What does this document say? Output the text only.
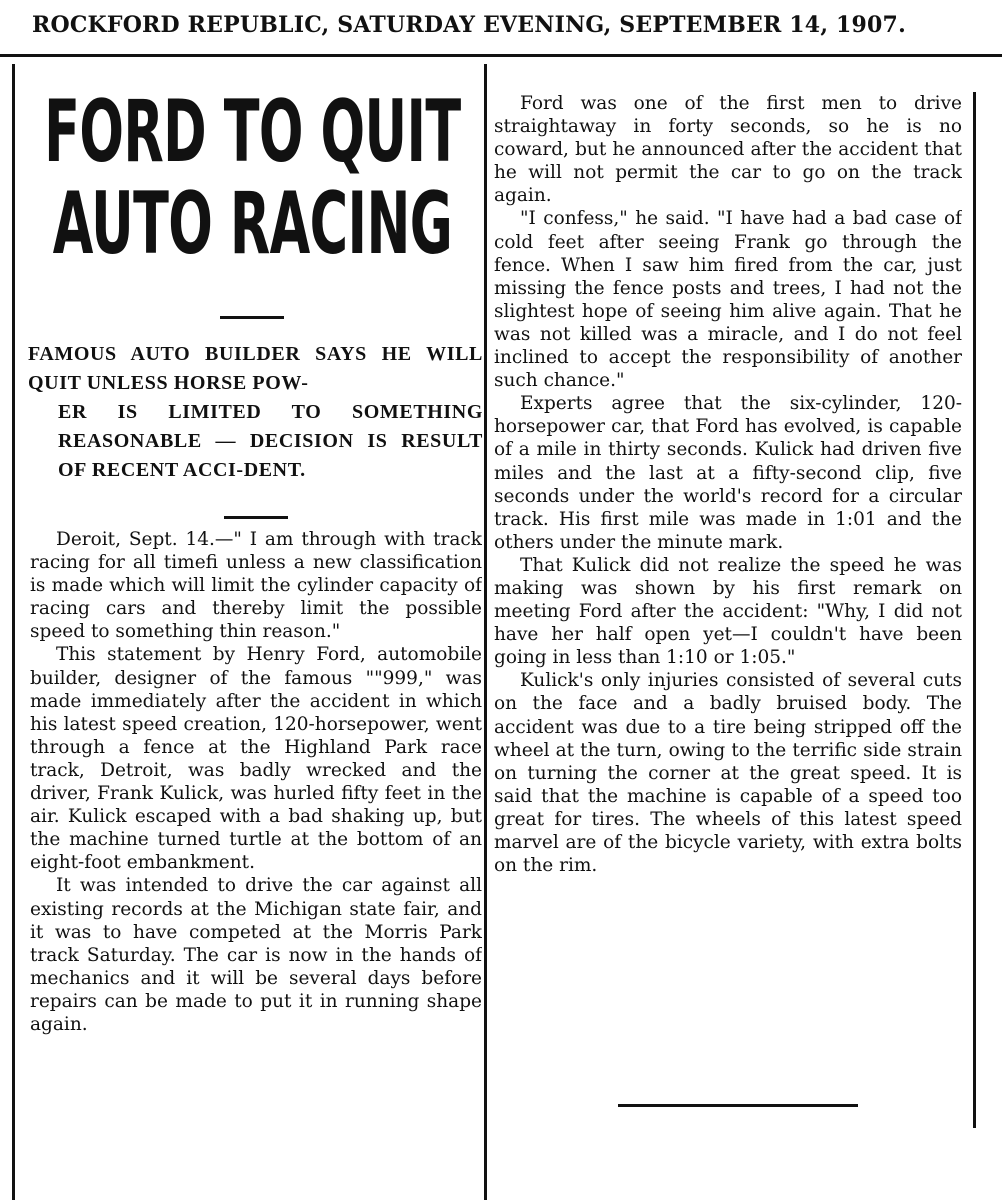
ROCKFORD REPUBLIC, SATURDAY EVENING, SEPTEMBER 14, 1907.
FORD TO QUIT
AUTO RACING
FAMOUS AUTO BUILDER SAYS HE WILL QUIT UNLESS HORSE POW-
ER IS LIMITED TO SOMETHING REASONABLE — DECISION IS RESULT OF RECENT ACCI-DENT.

Deroit, Sept. 14.—" I am through with track racing for all timefi unless a new classification is made which will limit the cylinder capacity of racing cars and thereby limit the possible speed to something thin reason."

This statement by Henry Ford, automobile builder, designer of the famous ""999," was made immediately after the accident in which his latest speed creation, 120-horsepower, went through a fence at the Highland Park race track, Detroit, was badly wrecked and the driver, Frank Kulick, was hurled fifty feet in the air. Kulick escaped with a bad shaking up, but the machine turned turtle at the bottom of an eight-foot embankment.

It was intended to drive the car against all existing records at the Michigan state fair, and it was to have competed at the Morris Park track Saturday. The car is now in the hands of mechanics and it will be several days before repairs can be made to put it in running shape again.

Ford was one of the first men to drive straightaway in forty seconds, so he is no coward, but he announced after the accident that he will not permit the car to go on the track again.

"I confess," he said. "I have had a bad case of cold feet after seeing Frank go through the fence. When I saw him fired from the car, just missing the fence posts and trees, I had not the slightest hope of seeing him alive again. That he was not killed was a miracle, and I do not feel inclined to accept the responsibility of another such chance."

Experts agree that the six-cylinder, 120-horsepower car, that Ford has evolved, is capable of a mile in thirty seconds. Kulick had driven five miles and the last at a fifty-second clip, five seconds under the world's record for a circular track. His first mile was made in 1:01 and the others under the minute mark.

That Kulick did not realize the speed he was making was shown by his first remark on meeting Ford after the accident: "Why, I did not have her half open yet—I couldn't have been going in less than 1:10 or 1:05."

Kulick's only injuries consisted of several cuts on the face and a badly bruised body. The accident was due to a tire being stripped off the wheel at the turn, owing to the terrific side strain on turning the corner at the great speed. It is said that the machine is capable of a speed too great for tires. The wheels of this latest speed marvel are of the bicycle variety, with extra bolts on the rim.
